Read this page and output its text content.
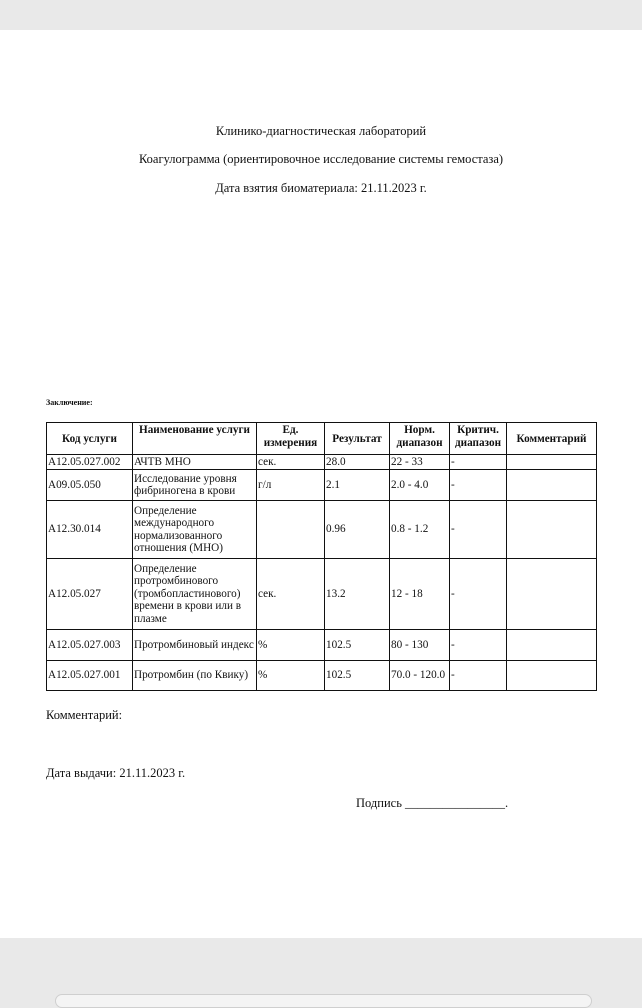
Клинико-диагностическая лабораторий
Коагулограмма (ориентировочное исследование системы гемостаза)
Дата взятия биоматериала: 21.11.2023 г.
Заключение:
Код услуги	Наименование услуги	Ед. измерения	Результат	Норм. диапазон	Критич. диапазон	Комментарий
A12.05.027.002	АЧТВ МНО	сек.	28.0	22 - 33	-	
A09.05.050	Исследование уровня фибриногена в крови	г/л	2.1	2.0 - 4.0	-	
A12.30.014	Определение международного нормализованного отношения (МНО)		0.96	0.8 - 1.2	-	
A12.05.027	Определение протромбинового (тромбопластинового) времени в крови или в плазме	сек.	13.2	12 - 18	-	
A12.05.027.003	Протромбиновый индекс	%	102.5	80 - 130	-	
A12.05.027.001	Протромбин (по Квику)	%	102.5	70.0 - 120.0	-	
Комментарий:
Дата выдачи: 21.11.2023 г.
Подпись ________________.
